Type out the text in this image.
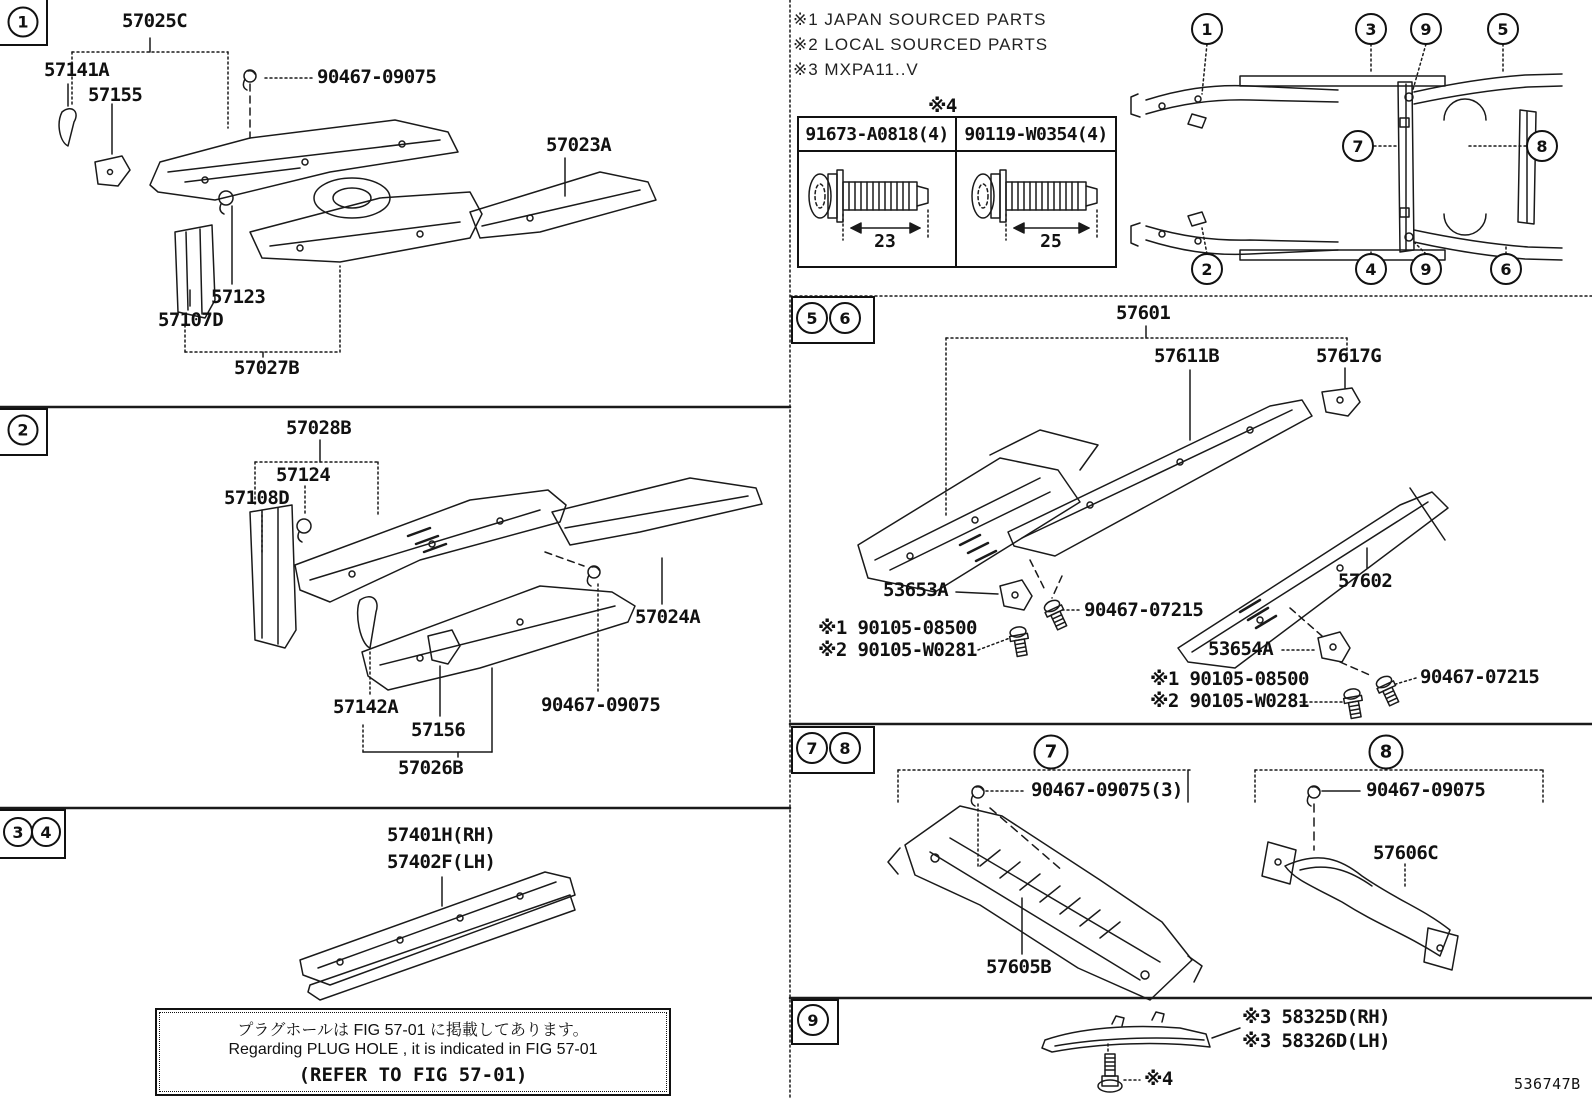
1
2
3	4
5	6
7	8
9
1	3	9	5
7	8
2	4	9	6
7	8
※1 JAPAN SOURCED PARTS
※2 LOCAL SOURCED PARTS
※3 MXPA11..V
※4
91673-A0818(4) 90119-W0354(4)
23	25
57025C
57141A
57155
90467-09075
57023A
57123
57107D
57027B
57028B
57124
57108D
57024A
90467-09075
57142A
57156
57026B
57401H(RH)
57402F(LH)
57601
57611B	57617G
53653A
90467-07215
※1 90105-08500
※2 90105-W0281
57602
53654A
※1 90105-08500
※2 90105-W0281
90467-07215
90467-09075(3)
57605B
90467-09075
57606C
※3 58325D(RH)
※3 58326D(LH)
※4
プラグホールは FIG 57-01 に掲載してあります。
Regarding PLUG HOLE , it is indicated in FIG 57-01
(REFER TO FIG 57-01)	536747B
